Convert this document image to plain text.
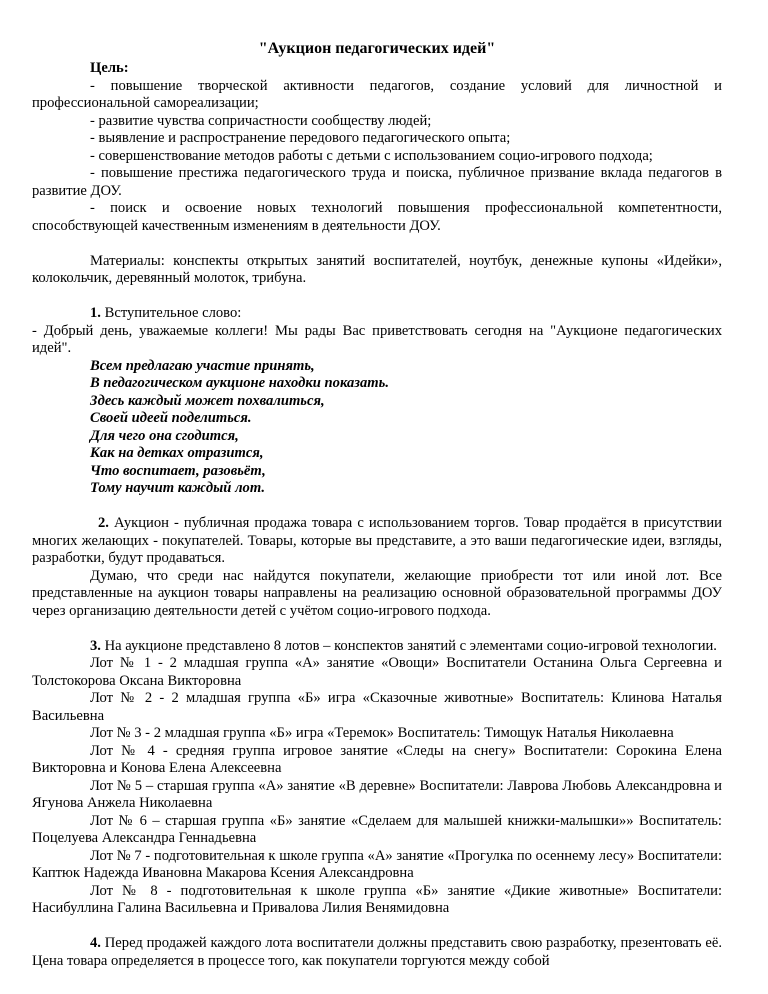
"Аукцион педагогических идей"

Цель:

- повышение творческой активности педагогов, создание условий для личностной и профессиональной самореализации;

- развитие чувства сопричастности сообществу людей;

- выявление и распространение передового педагогического опыта;

- совершенствование методов работы с детьми с использованием социо-игрового подхода;

- повышение престижа педагогического труда и поиска, публичное призвание вклада педагогов в развитие ДОУ.

- поиск и освоение новых технологий повышения профессиональной компетентности, способствующей качественным изменениям в деятельности ДОУ.

Материалы: конспекты открытых занятий воспитателей, ноутбук, денежные купоны «Идейки», колокольчик, деревянный молоток, трибуна.

1. Вступительное слово:

- Добрый день, уважаемые коллеги! Мы рады Вас приветствовать сегодня на "Аукционе педагогических идей".

Всем предлагаю участие принять,
В педагогическом аукционе находки показать.
Здесь каждый может похвалиться,
Своей идеей поделиться.
Для чего она сгодится,
Как на детках отразится,
Что воспитает, разовьёт,
Тому научит каждый лот.

2. Аукцион - публичная продажа товара с использованием торгов. Товар продаётся в присутствии многих желающих - покупателей. Товары, которые вы представите, а это ваши педагогические идеи, взгляды, разработки, будут продаваться.

Думаю, что среди нас найдутся покупатели, желающие приобрести тот или иной лот. Все представленные на аукцион товары направлены на реализацию основной образовательной программы ДОУ через организацию деятельности детей с учётом социо-игрового подхода.

3. На аукционе представлено 8 лотов – конспектов занятий с элементами социо-игровой технологии.

Лот № 1 - 2 младшая группа «А» занятие «Овощи» Воспитатели Останина Ольга Сергеевна и Толстокорова Оксана Викторовна

Лот № 2 - 2 младшая группа «Б» игра «Сказочные животные» Воспитатель: Клинова Наталья Васильевна

Лот № 3 - 2 младшая группа «Б» игра «Теремок» Воспитатель: Тимощук Наталья Николаевна

Лот № 4 - средняя группа игровое занятие «Следы на снегу» Воспитатели: Сорокина Елена Викторовна и Конова Елена Алексеевна

Лот № 5 – старшая группа «А» занятие «В деревне» Воспитатели: Лаврова Любовь Александровна и Ягунова Анжела Николаевна

Лот № 6 – старшая группа «Б» занятие «Сделаем для малышей книжки-малышки»» Воспитатель: Поцелуева Александра Геннадьевна

Лот № 7 - подготовительная к школе группа «А» занятие «Прогулка по осеннему лесу» Воспитатели: Каптюк Надежда Ивановна Макарова Ксения Александровна

Лот № 8 - подготовительная к школе группа «Б» занятие «Дикие животные» Воспитатели: Насибуллина Галина Васильевна и Привалова Лилия Венямидовна

4. Перед продажей каждого лота воспитатели должны представить свою разработку, презентовать её. Цена товара определяется в процессе того, как покупатели торгуются между собой
